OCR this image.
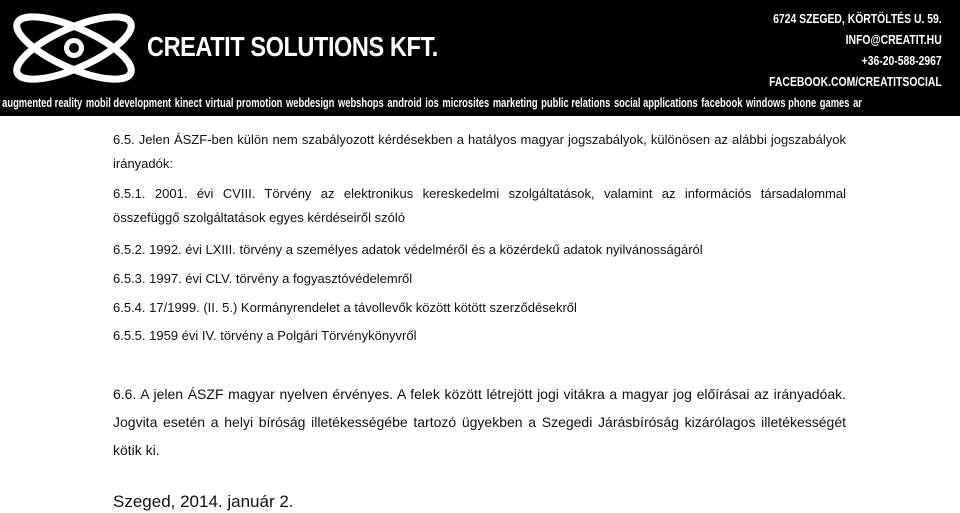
CREATIT SOLUTIONS KFT.
6724 SZEGED, KÖRTÖLTÉS U. 59.
INFO@CREATIT.HU
+36-20-588-2967
FACEBOOK.COM/CREATITSOCIAL
augmented reality mobil development kinect virtual promotion webdesign webshops android ios microsites marketing public relations social applications facebook windows phone games ar

6.5. Jelen ÁSZF-ben külön nem szabályozott kérdésekben a hatályos magyar jogszabályok, különösen az alábbi jogszabályok irányadók:

6.5.1. 2001. évi CVIII. Törvény az elektronikus kereskedelmi szolgáltatások, valamint az információs társadalommal összefüggő szolgáltatások egyes kérdéseiről szóló

6.5.2. 1992. évi LXIII. törvény a személyes adatok védelméről és a közérdekű adatok nyilvánosságáról

6.5.3. 1997. évi CLV. törvény a fogyasztóvédelemről

6.5.4. 17/1999. (II. 5.) Kormányrendelet a távollevők között kötött szerződésekről

6.5.5. 1959 évi IV. törvény a Polgári Törvénykönyvről

6.6. A jelen ÁSZF magyar nyelven érvényes. A felek között létrejött jogi vitákra a magyar jog előírásai az irányadóak. Jogvita esetén a helyi bíróság illetékességébe tartozó ügyekben a Szegedi Járásbíróság kizárólagos illetékességét kötik ki.

Szeged, 2014. január 2.
